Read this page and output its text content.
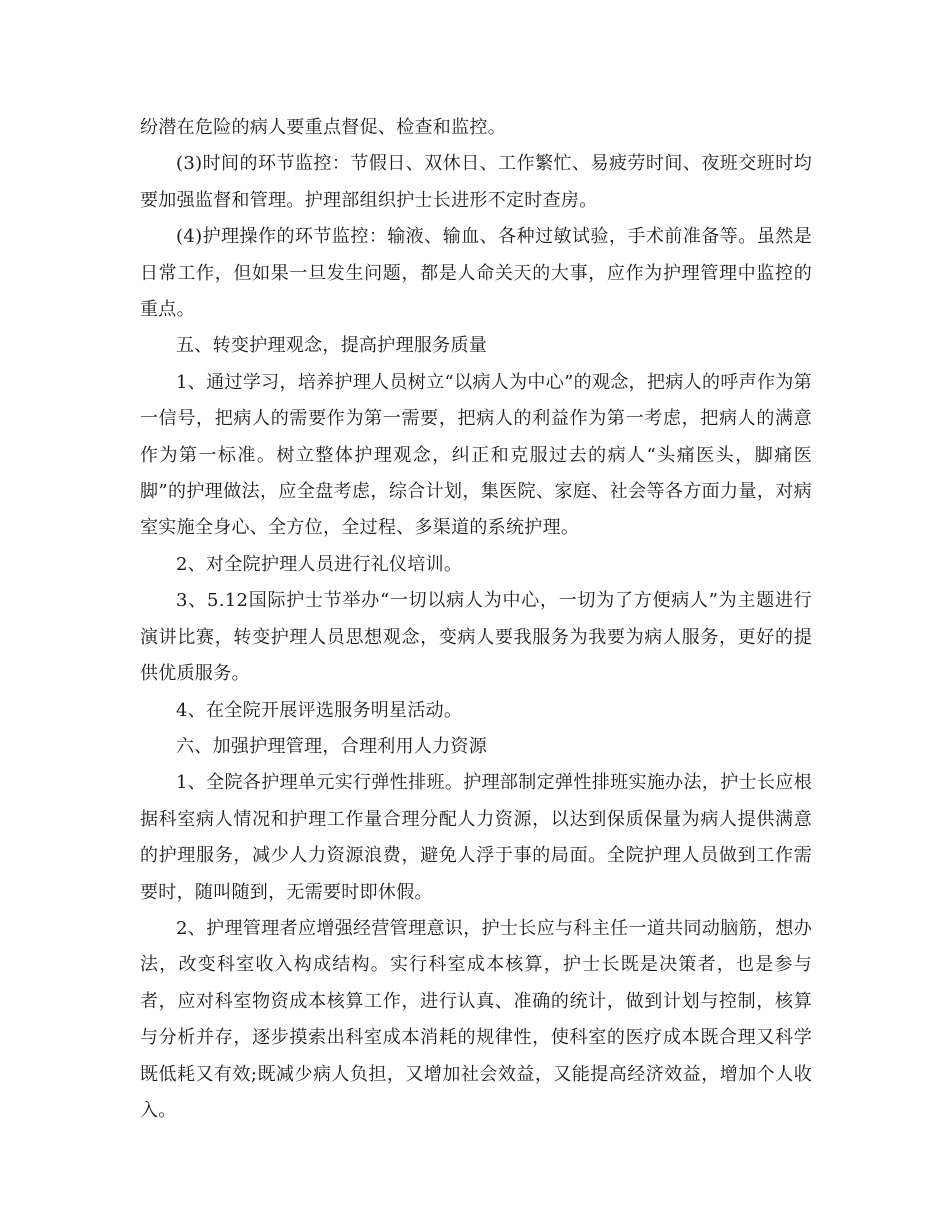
纷潜在危险的病人要重点督促、检查和监控。

(3)时间的环节监控：节假日、双休日、工作繁忙、易疲劳时间、夜班交班时均要加强监督和管理。护理部组织护士长进形不定时查房。

(4)护理操作的环节监控：输液、输血、各种过敏试验，手术前准备等。虽然是日常工作，但如果一旦发生问题，都是人命关天的大事，应作为护理管理中监控的重点。

五、转变护理观念，提高护理服务质量

1、通过学习，培养护理人员树立“以病人为中心”的观念，把病人的呼声作为第一信号，把病人的需要作为第一需要，把病人的利益作为第一考虑，把病人的满意作为第一标准。树立整体护理观念，纠正和克服过去的病人“头痛医头，脚痛医脚”的护理做法，应全盘考虑，综合计划，集医院、家庭、社会等各方面力量，对病室实施全身心、全方位，全过程、多渠道的系统护理。

2、对全院护理人员进行礼仪培训。

3、5.12国际护士节举办“一切以病人为中心，一切为了方便病人”为主题进行演讲比赛，转变护理人员思想观念，变病人要我服务为我要为病人服务，更好的提供优质服务。

4、在全院开展评选服务明星活动。

六、加强护理管理，合理利用人力资源

1、全院各护理单元实行弹性排班。护理部制定弹性排班实施办法，护士长应根据科室病人情况和护理工作量合理分配人力资源，以达到保质保量为病人提供满意的护理服务，减少人力资源浪费，避免人浮于事的局面。全院护理人员做到工作需要时，随叫随到，无需要时即休假。

2、护理管理者应增强经营管理意识，护士长应与科主任一道共同动脑筋，想办法，改变科室收入构成结构。实行科室成本核算，护士长既是决策者，也是参与者，应对科室物资成本核算工作，进行认真、准确的统计，做到计划与控制，核算与分析并存，逐步摸索出科室成本消耗的规律性，使科室的医疗成本既合理又科学既低耗又有效;既减少病人负担，又增加社会效益，又能提高经济效益，增加个人收入。
